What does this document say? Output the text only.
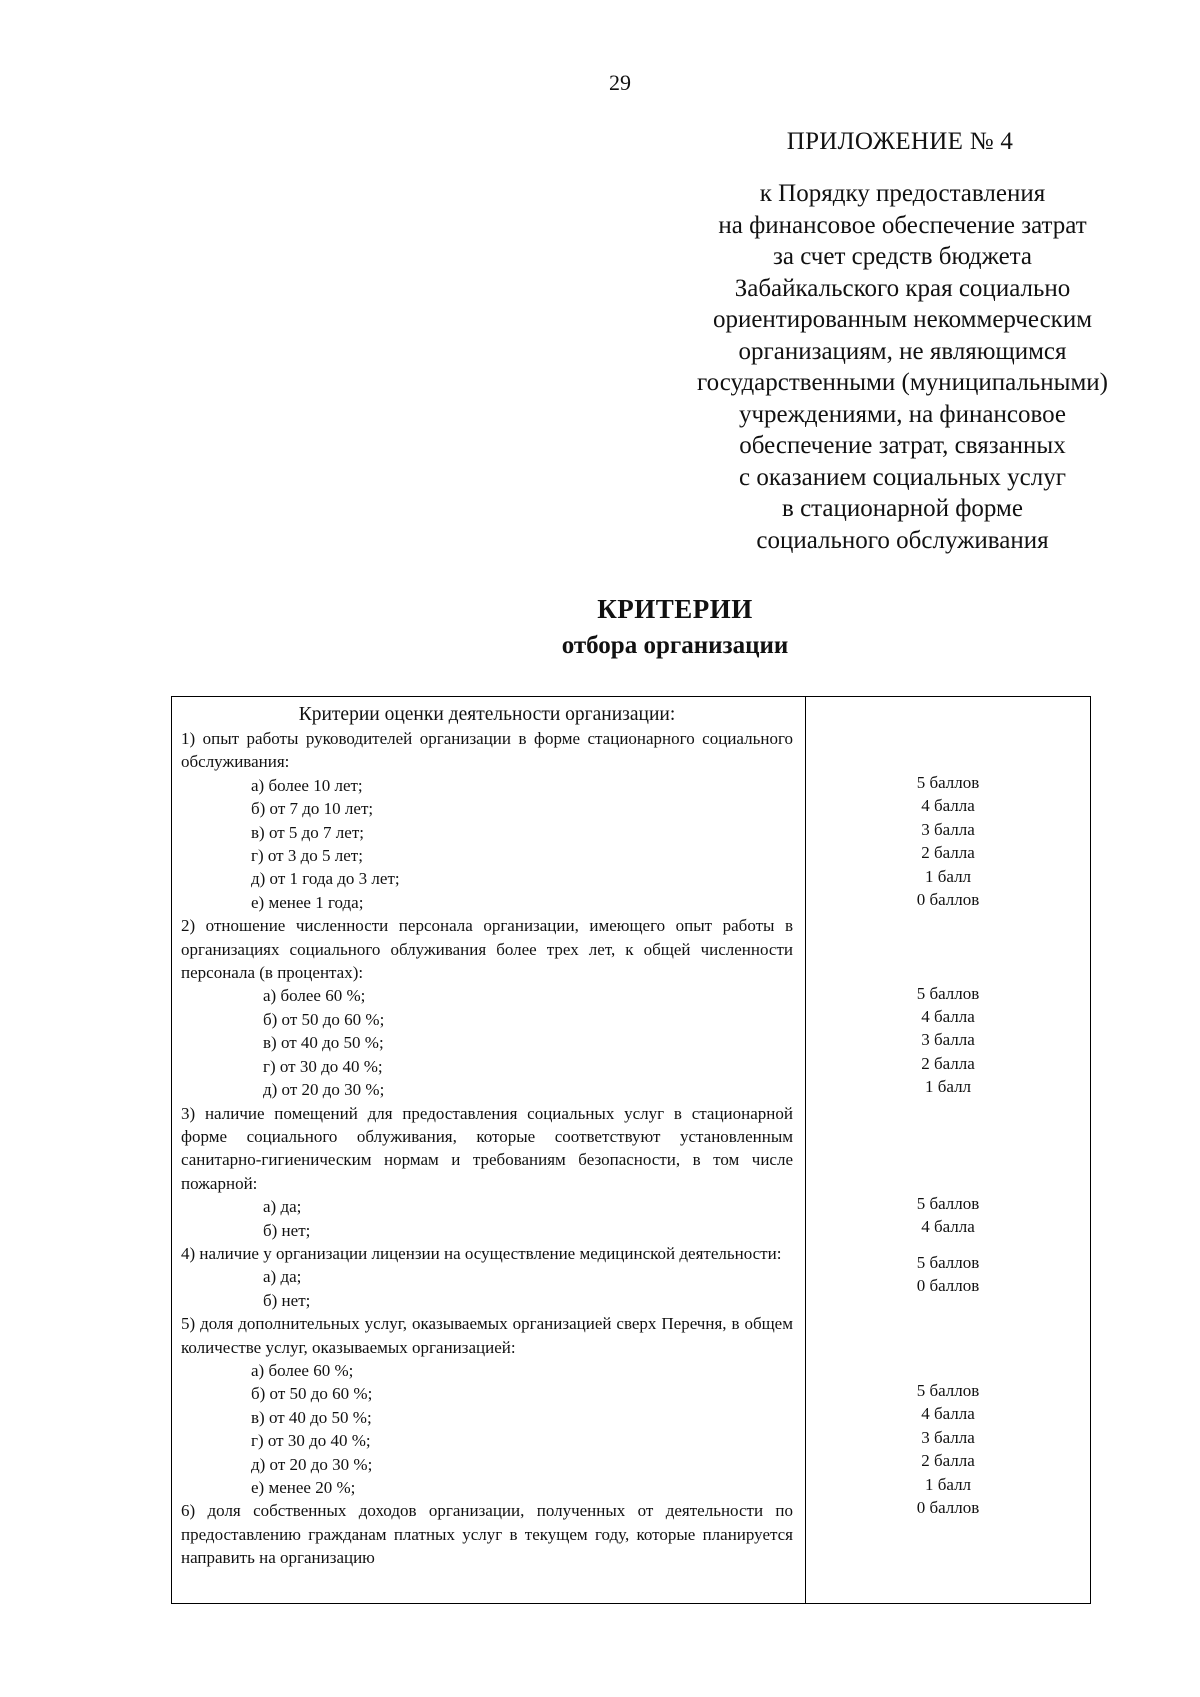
29
ПРИЛОЖЕНИЕ № 4
к Порядку предоставления
на финансовое обеспечение затрат
за счет средств бюджета
Забайкальского края социально
ориентированным некоммерческим
организациям, не являющимся
государственными (муниципальными)
учреждениями, на финансовое
обеспечение затрат, связанных
с оказанием социальных услуг
в стационарной форме
социального обслуживания
КРИТЕРИИ
отбора организации
Критерии оценки деятельности организации:
1) опыт работы руководителей организации в форме стационарного социального обслуживания:
а) более 10 лет;
б) от 7 до 10 лет;
в) от 5 до 7 лет;
г) от 3 до 5 лет;
д) от 1 года до 3 лет;
е) менее 1 года;
2) отношение численности персонала организации, имеющего опыт работы в организациях социального облуживания более трех лет, к общей численности персонала (в процентах):
а) более 60 %;
б) от 50 до 60 %;
в) от 40 до 50 %;
г) от 30 до 40 %;
д) от 20 до 30 %;
3) наличие помещений для предоставления социальных услуг в стационарной форме социального облуживания, которые соответствуют установленным санитарно-гигиеническим нормам и требованиям безопасности, в том числе пожарной:
а) да;
б) нет;
4) наличие у организации лицензии на осуществление медицинской деятельности:
а) да;
б) нет;
5) доля дополнительных услуг, оказываемых организацией сверх Перечня, в общем количестве услуг, оказываемых организацией:
а) более 60 %;
б) от 50 до 60 %;
в) от 40 до 50 %;
г) от 30 до 40 %;
д) от 20 до 30 %;
е) менее 20 %;
6) доля собственных доходов организации, полученных от деятельности по предоставлению гражданам платных услуг в текущем году, которые планируется направить на организацию
5 баллов
4 балла
3 балла
2 балла
1 балл
0 баллов
5 баллов
4 балла
3 балла
2 балла
1 балл
5 баллов
4 балла
5 баллов
0 баллов
5 баллов
4 балла
3 балла
2 балла
1 балл
0 баллов
